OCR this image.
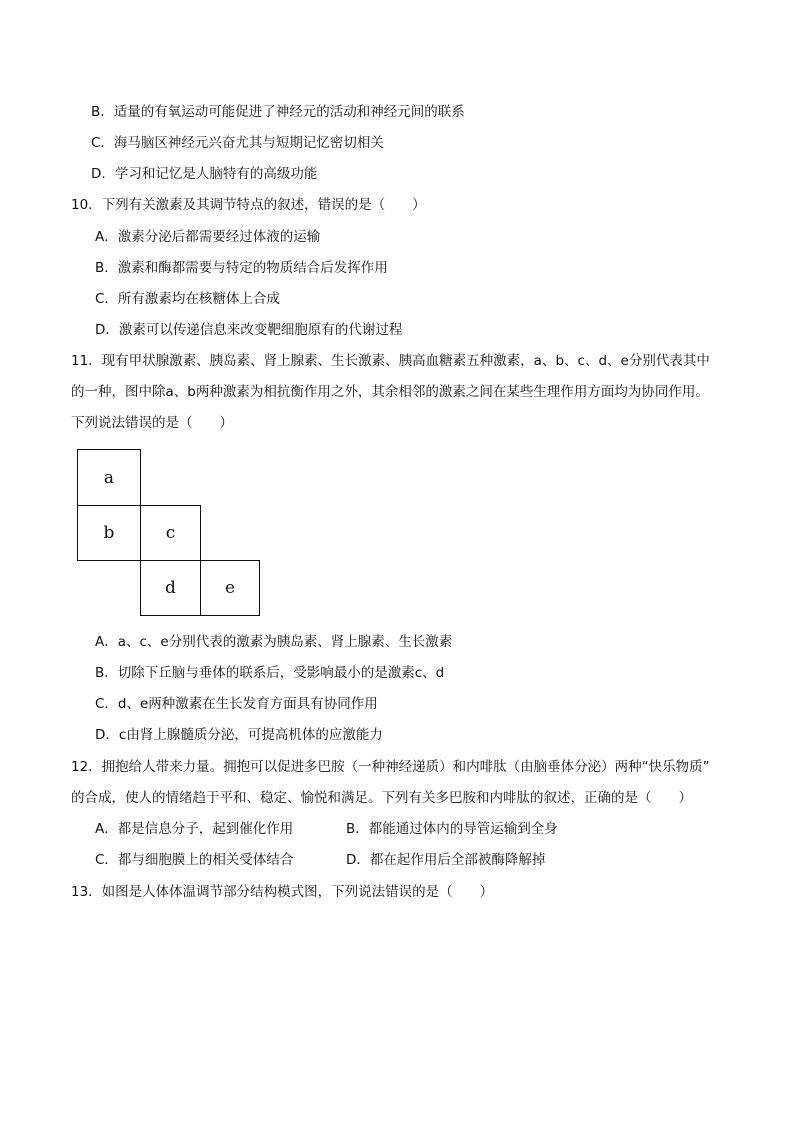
B．适量的有氧运动可能促进了神经元的活动和神经元间的联系
C．海马脑区神经元兴奋尤其与短期记忆密切相关
D．学习和记忆是人脑特有的高级功能
10．下列有关激素及其调节特点的叙述，错误的是（　　）
A．激素分泌后都需要经过体液的运输
B．激素和酶都需要与特定的物质结合后发挥作用
C．所有激素均在核糖体上合成
D．激素可以传递信息来改变靶细胞原有的代谢过程
11．现有甲状腺激素、胰岛素、肾上腺素、生长激素、胰高血糖素五种激素，a、b、c、d、e分别代表其中
的一种，图中除a、b两种激素为相抗衡作用之外，其余相邻的激素之间在某些生理作用方面均为协同作用。
下列说法错误的是（　　）
a
b	c
d	e
A．a、c、e分别代表的激素为胰岛素、肾上腺素、生长激素
B．切除下丘脑与垂体的联系后，受影响最小的是激素c、d
C．d、e两种激素在生长发育方面具有协同作用
D．c由肾上腺髓质分泌，可提高机体的应激能力
12．拥抱给人带来力量。拥抱可以促进多巴胺（一种神经递质）和内啡肽（由脑垂体分泌）两种“快乐物质”
的合成，使人的情绪趋于平和、稳定、愉悦和满足。下列有关多巴胺和内啡肽的叙述，正确的是（　　）
A．都是信息分子，起到催化作用	B．都能通过体内的导管运输到全身
C．都与细胞膜上的相关受体结合	D．都在起作用后全部被酶降解掉
13．如图是人体体温调节部分结构模式图，下列说法错误的是（　　）
